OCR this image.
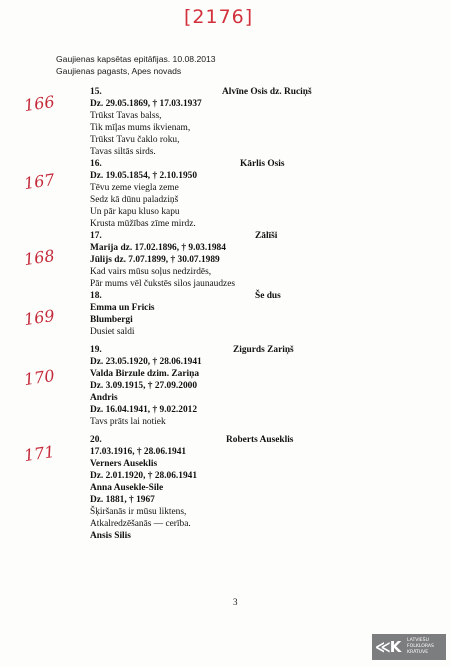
[2176]
Gaujienas kapsētas epitāfijas. 10.08.2013
Gaujienas pagasts, Apes novads
15.	Alvīne Osis dz. Ruciņš
166	Dz. 29.05.1869, † 17.03.1937
Trūkst Tavas balss,
Tik mīļas mums ikvienam,
Trūkst Tavu čaklo roku,
Tavas siltās sirds.
16.	Kārlis Osis
167	Dz. 19.05.1854, † 2.10.1950
Tēvu zeme viegla zeme
Sedz kā dūnu paladziņš
Un pār kapu kluso kapu
Krusta mūžības zīme mirdz.
17.	Zālīši
168	Marija dz. 17.02.1896, † 9.03.1984
Jūlijs dz. 7.07.1899, † 30.07.1989
Kad vairs mūsu soļus nedzirdēs,
Pār mums vēl čukstēs silos jaunaudzes
18.	Še dus
169	Emma un Fricis
Blumbergi
Dusiet saldi
19.	Zigurds Zariņš
170
Dz. 23.05.1920, † 28.06.1941
Valda Birzule dzim. Zariņa
Dz. 3.09.1915, † 27.09.2000
Andris
Dz. 16.04.1941, † 9.02.2012
Tavs prāts lai notiek
20.	Roberts Auseklis
171	17.03.1916, † 28.06.1941
Verners Auseklis
Dz. 2.01.1920, † 28.06.1941
Anna Ausekle-Sile
Dz. 1881, † 1967
Šķiršanās ir mūsu liktens,
Atkalredzēšanās — cerība.
Ansis Silis
3
≪K LATVIEŠU
FOLKLORAS
KRĀTUVE
